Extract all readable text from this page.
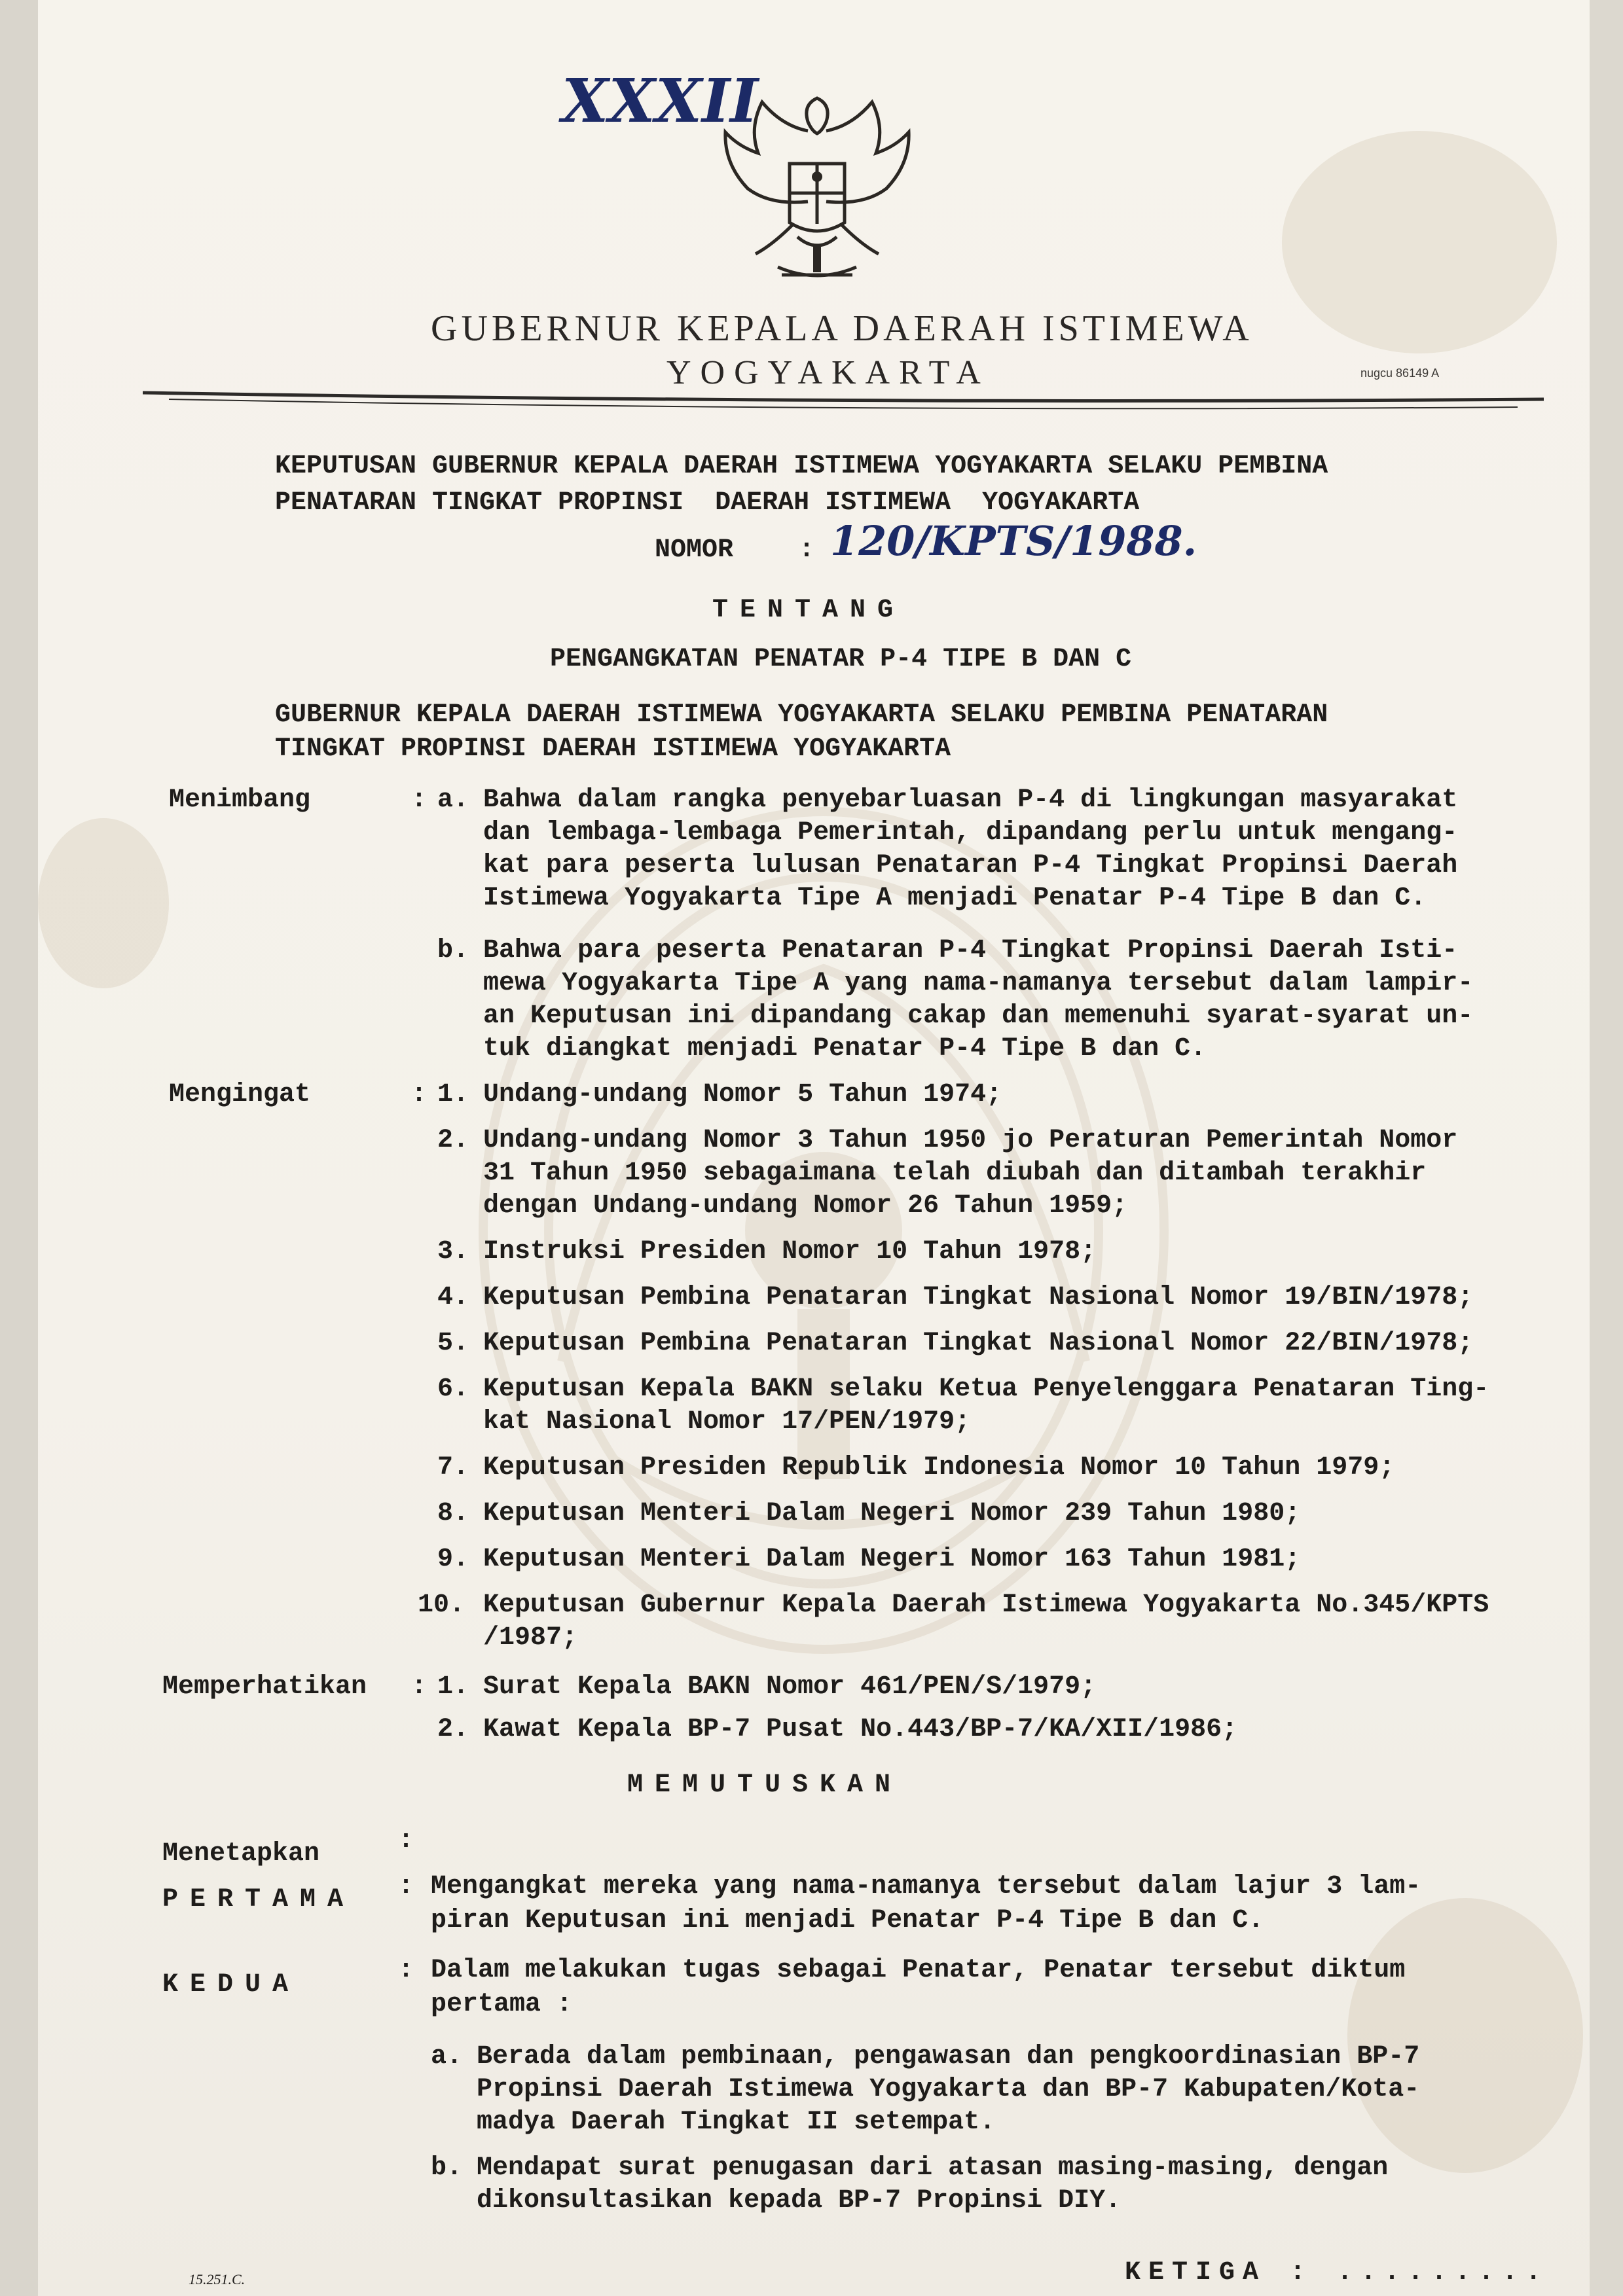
XXXII
GUBERNUR KEPALA DAERAH ISTIMEWA
YOGYAKARTA	nugcu 86149 A
KEPUTUSAN GUBERNUR KEPALA DAERAH ISTIMEWA YOGYAKARTA SELAKU PEMBINA
PENATARAN TINGKAT PROPINSI  DAERAH ISTIMEWA  YOGYAKARTA
NOMOR : 120/KPTS/1988.
TENTANG
PENGANGKATAN PENATAR P-4 TIPE B DAN C
GUBERNUR KEPALA DAERAH ISTIMEWA YOGYAKARTA SELAKU PEMBINA PENATARAN
TINGKAT PROPINSI DAERAH ISTIMEWA YOGYAKARTA
Menimbang	: a. Bahwa dalam rangka penyebarluasan P-4 di lingkungan masyarakat
dan lembaga-lembaga Pemerintah, dipandang perlu untuk mengang-
kat para peserta lulusan Penataran P-4 Tingkat Propinsi Daerah
Istimewa Yogyakarta Tipe A menjadi Penatar P-4 Tipe B dan C.
b. Bahwa para peserta Penataran P-4 Tingkat Propinsi Daerah Isti-
mewa Yogyakarta Tipe A yang nama-namanya tersebut dalam lampir-
an Keputusan ini dipandang cakap dan memenuhi syarat-syarat un-
tuk diangkat menjadi Penatar P-4 Tipe B dan C.
Mengingat	: 1. Undang-undang Nomor 5 Tahun 1974;
2. Undang-undang Nomor 3 Tahun 1950 jo Peraturan Pemerintah Nomor
31 Tahun 1950 sebagaimana telah diubah dan ditambah terakhir
dengan Undang-undang Nomor 26 Tahun 1959;
3. Instruksi Presiden Nomor 10 Tahun 1978;
4. Keputusan Pembina Penataran Tingkat Nasional Nomor 19/BIN/1978;
5. Keputusan Pembina Penataran Tingkat Nasional Nomor 22/BIN/1978;
6. Keputusan Kepala BAKN selaku Ketua Penyelenggara Penataran Ting-
kat Nasional Nomor 17/PEN/1979;
7. Keputusan Presiden Republik Indonesia Nomor 10 Tahun 1979;
8. Keputusan Menteri Dalam Negeri Nomor 239 Tahun 1980;
9. Keputusan Menteri Dalam Negeri Nomor 163 Tahun 1981;
10. Keputusan Gubernur Kepala Daerah Istimewa Yogyakarta No.345/KPTS
/1987;
Memperhatikan : 1. Surat Kepala BAKN Nomor 461/PEN/S/1979;
2. Kawat Kepala BP-7 Pusat No.443/BP-7/KA/XII/1986;
MEMUTUSKAN
Menetapkan	:
PERTAMA : Mengangkat mereka yang nama-namanya tersebut dalam lajur 3 lam-
piran Keputusan ini menjadi Penatar P-4 Tipe B dan C.
KEDUA	: Dalam melakukan tugas sebagai Penatar, Penatar tersebut diktum
pertama :
a. Berada dalam pembinaan, pengawasan dan pengkoordinasian BP-7
Propinsi Daerah Istimewa Yogyakarta dan BP-7 Kabupaten/Kota-
madya Daerah Tingkat II setempat.
b. Mendapat surat penugasan dari atasan masing-masing, dengan
dikonsultasikan kepada BP-7 Propinsi DIY.
KETIGA : .........
15.251.C.
